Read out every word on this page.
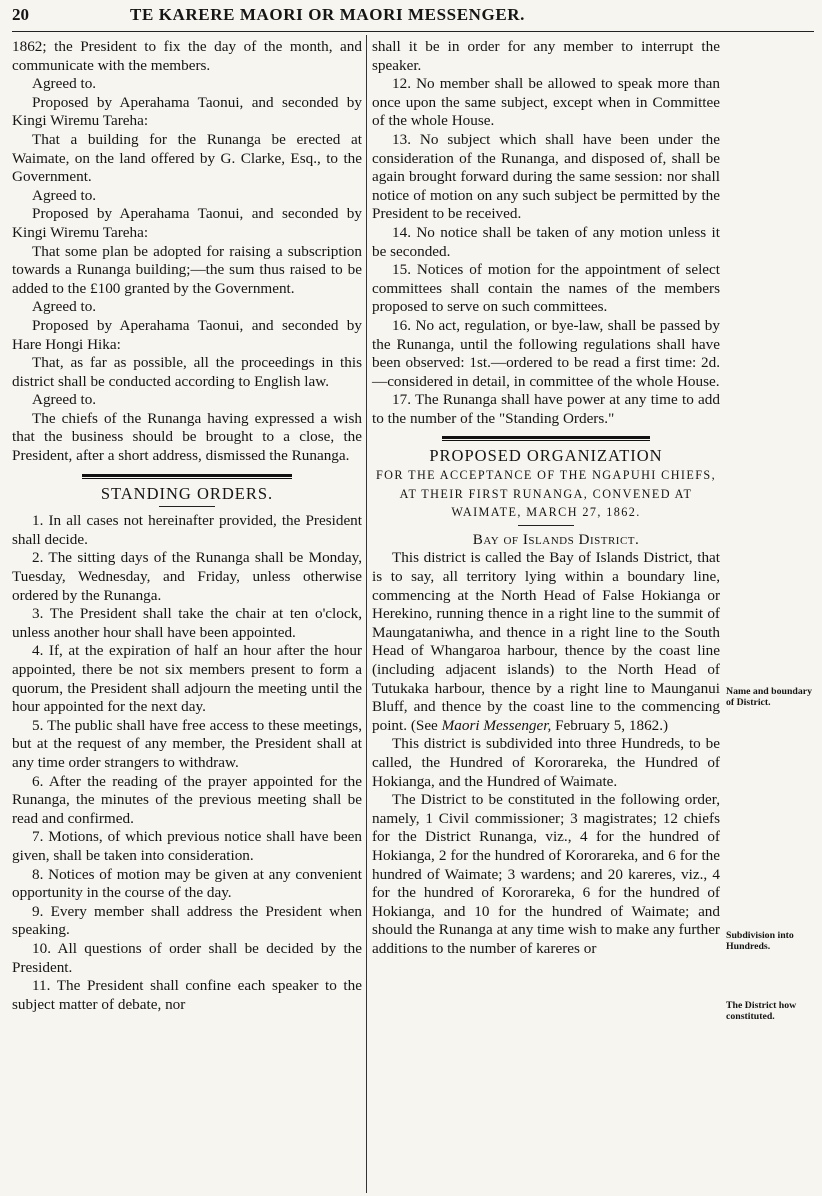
20	TE KARERE MAORI OR MAORI MESSENGER.

1862; the President to fix the day of the month, and communicate with the members.

Agreed to.

Proposed by Aperahama Taonui, and seconded by Kingi Wiremu Tareha:

That a building for the Runanga be erected at Waimate, on the land offered by G. Clarke, Esq., to the Government.

Agreed to.

Proposed by Aperahama Taonui, and seconded by Kingi Wiremu Tareha:

That some plan be adopted for raising a subscription towards a Runanga building;—the sum thus raised to be added to the £100 granted by the Government.

Agreed to.

Proposed by Aperahama Taonui, and seconded by Hare Hongi Hika:

That, as far as possible, all the proceedings in this district shall be conducted according to English law.

Agreed to.

The chiefs of the Runanga having expressed a wish that the business should be brought to a close, the President, after a short address, dismissed the Runanga.

STANDING ORDERS.

1. In all cases not hereinafter provided, the President shall decide.

2. The sitting days of the Runanga shall be Monday, Tuesday, Wednesday, and Friday, unless otherwise ordered by the Runanga.

3. The President shall take the chair at ten o'clock, unless another hour shall have been appointed.

4. If, at the expiration of half an hour after the hour appointed, there be not six members present to form a quorum, the President shall adjourn the meeting until the hour appointed for the next day.

5. The public shall have free access to these meetings, but at the request of any member, the President shall at any time order strangers to withdraw.

6. After the reading of the prayer appointed for the Runanga, the minutes of the previous meeting shall be read and confirmed.

7. Motions, of which previous notice shall have been given, shall be taken into consideration.

8. Notices of motion may be given at any convenient opportunity in the course of the day.

9. Every member shall address the President when speaking.

10. All questions of order shall be decided by the President.

11. The President shall confine each speaker to the subject matter of debate, nor

shall it be in order for any member to interrupt the speaker.

12. No member shall be allowed to speak more than once upon the same subject, except when in Committee of the whole House.

13. No subject which shall have been under the consideration of the Runanga, and disposed of, shall be again brought forward during the same session: nor shall notice of motion on any such subject be permitted by the President to be received.

14. No notice shall be taken of any motion unless it be seconded.

15. Notices of motion for the appointment of select committees shall contain the names of the members proposed to serve on such committees.

16. No act, regulation, or bye-law, shall be passed by the Runanga, until the following regulations shall have been observed: 1st.—ordered to be read a first time: 2d.—considered in detail, in committee of the whole House.

17. The Runanga shall have power at any time to add to the number of the "Standing Orders."

PROPOSED ORGANIZATION

FOR THE ACCEPTANCE OF THE NGAPUHI CHIEFS, AT THEIR FIRST RUNANGA, CONVENED AT WAIMATE, MARCH 27, 1862.

Bay of Islands District.

This district is called the Bay of Islands District, that is to say, all territory lying within a boundary line, commencing at the North Head of False Hokianga or Herekino, running thence in a right line to the summit of Maungataniwha, and thence in a right line to the South Head of Whangaroa harbour, thence by the coast line (including adjacent islands) to the North Head of Tutukaka harbour, thence by a right line to Maunganui Bluff, and thence by the coast line to the commencing point. (See Maori Messenger, February 5, 1862.)

This district is subdivided into three Hundreds, to be called, the Hundred of Kororareka, the Hundred of Hokianga, and the Hundred of Waimate.

The District to be constituted in the following order, namely, 1 Civil commissioner; 3 magistrates; 12 chiefs for the District Runanga, viz., 4 for the hundred of Hokianga, 2 for the hundred of Kororareka, and 6 for the hundred of Waimate; 3 wardens; and 20 kareres, viz., 4 for the hundred of Kororareka, 6 for the hundred of Hokianga, and 10 for the hundred of Waimate; and should the Runanga at any time wish to make any further additions to the number of kareres or

Name and boundary of District.
Subdivision into Hundreds.
The District how constituted.
